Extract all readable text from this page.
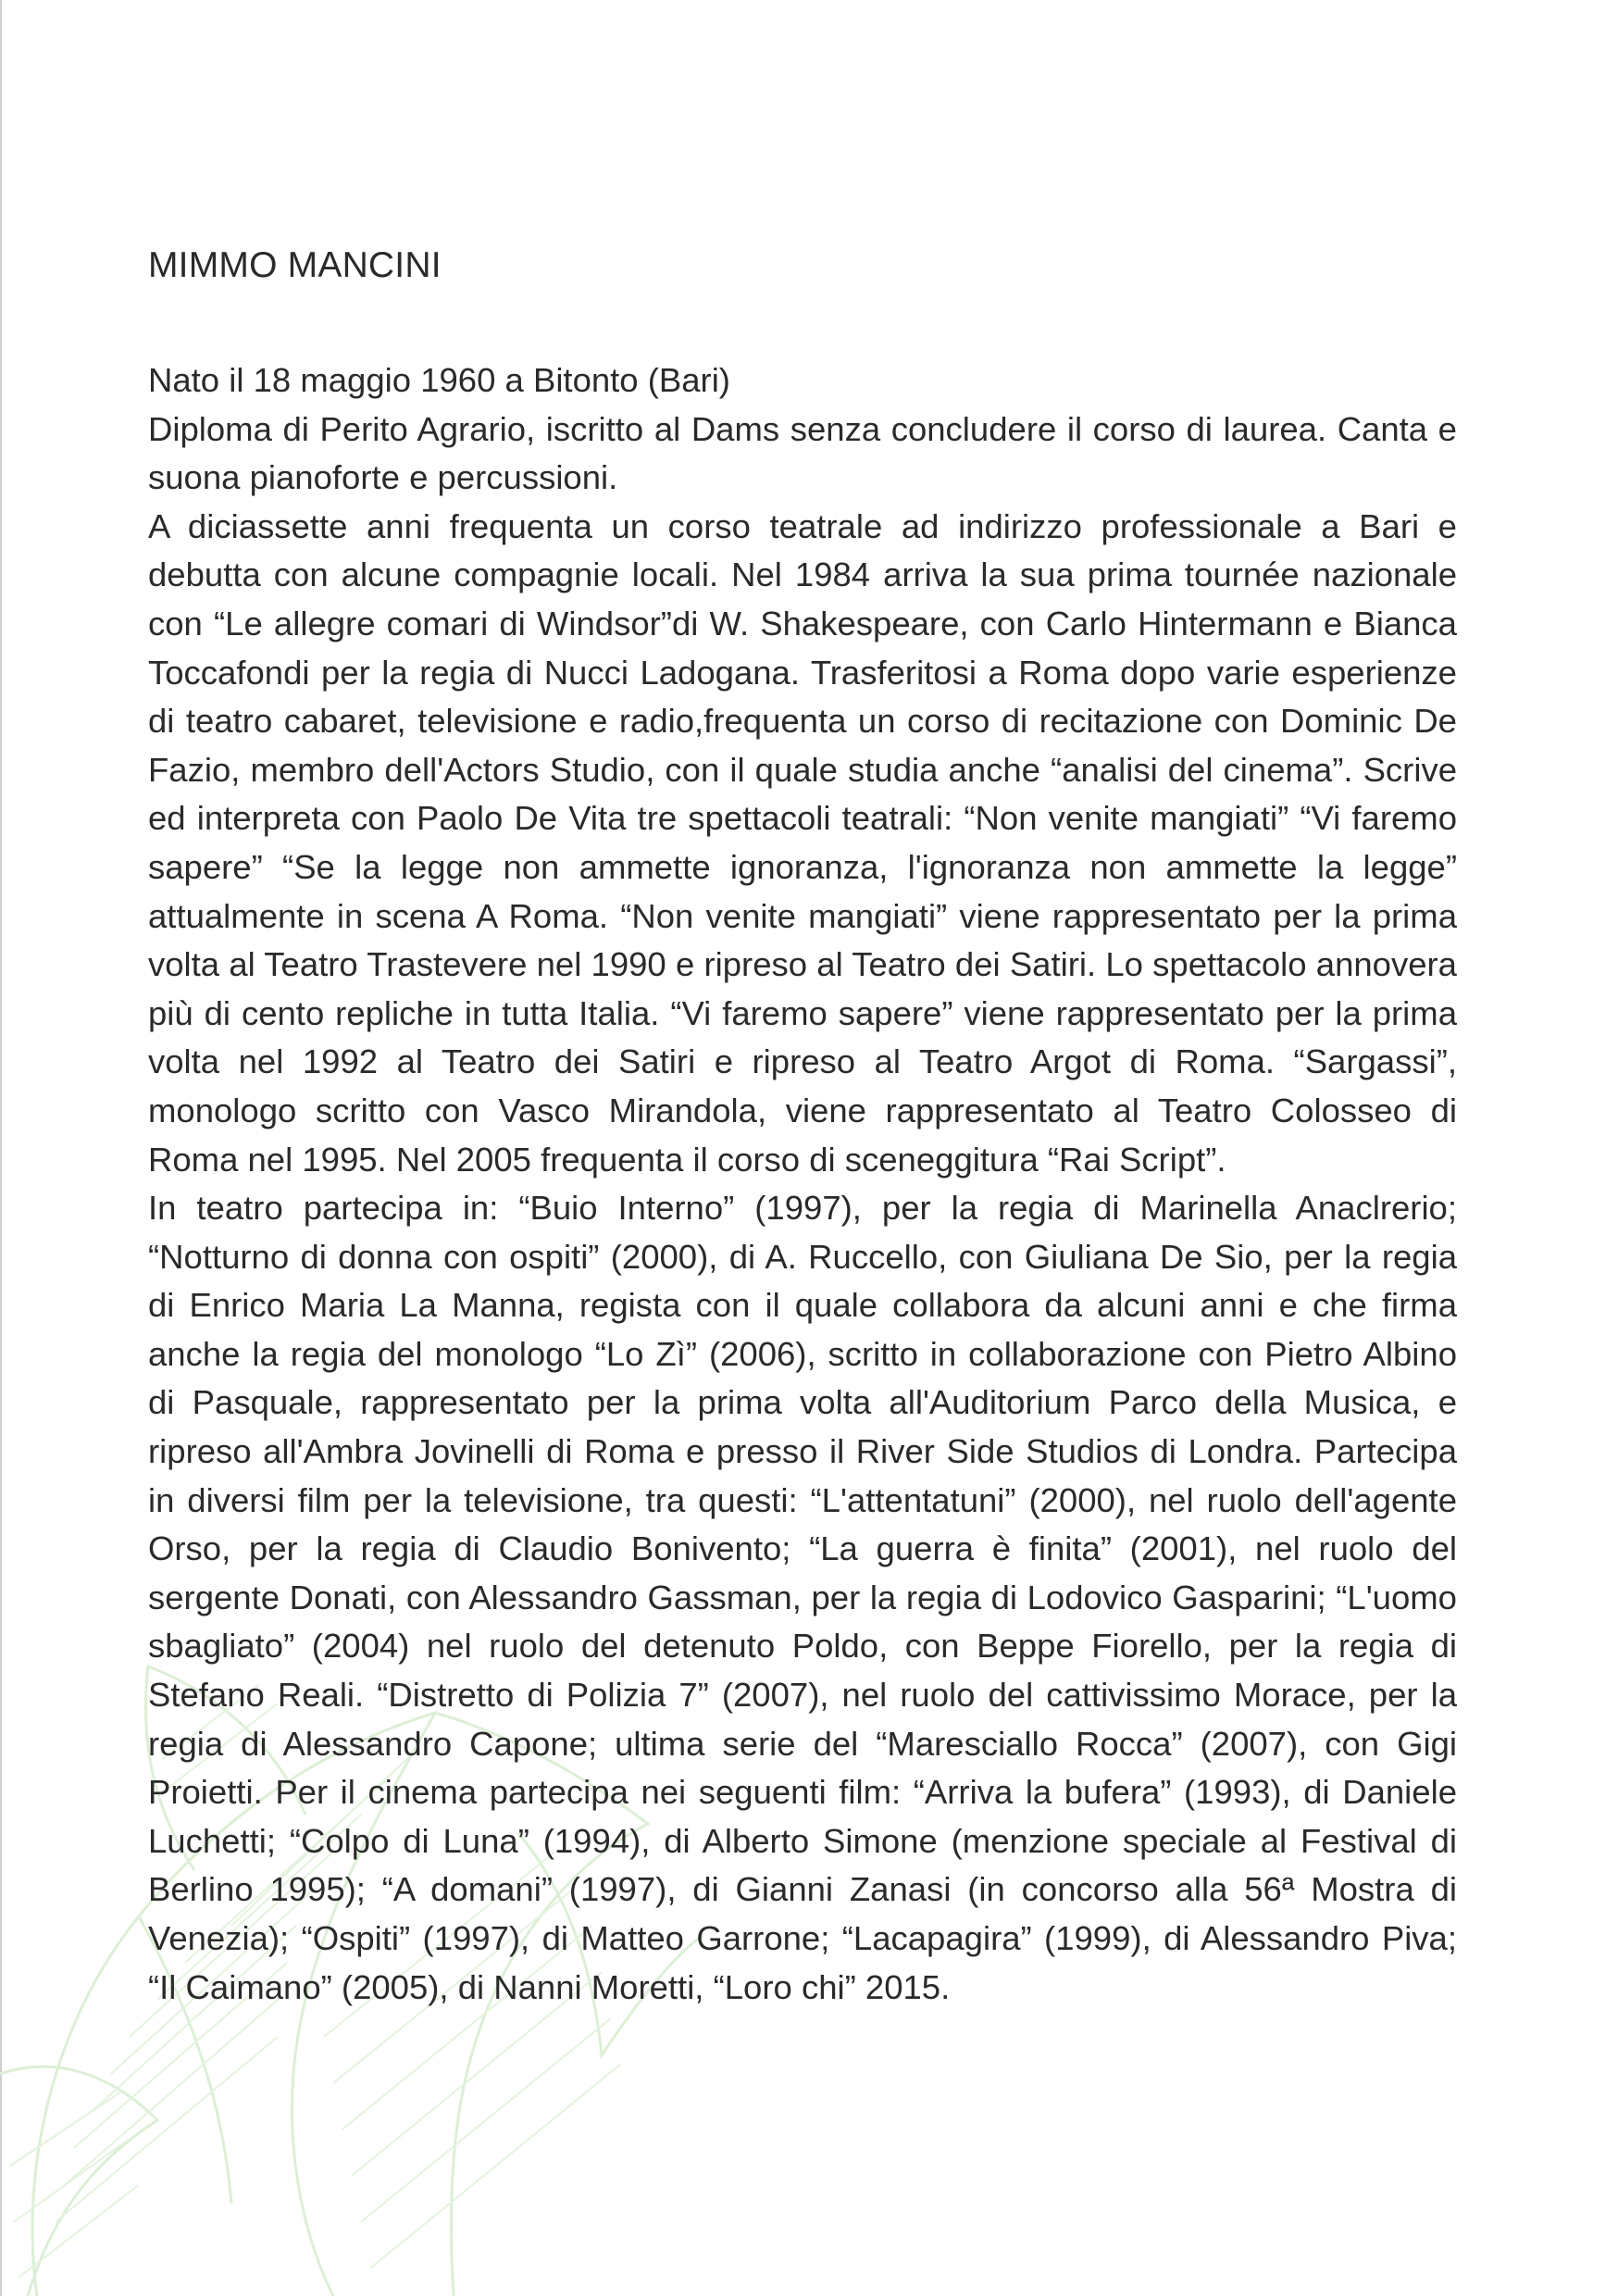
MIMMO MANCINI

Nato il 18 maggio 1960 a Bitonto (Bari)

Diploma di Perito Agrario, iscritto al Dams senza concludere il corso di laurea. Canta e suona pianoforte e percussioni.

A diciassette anni frequenta un corso teatrale ad indirizzo professionale a Bari e debutta con alcune compagnie locali. Nel 1984 arriva la sua prima tournée nazionale con “Le allegre comari di Windsor”di W. Shakespeare, con Carlo Hintermann e Bianca Toccafondi per la regia di Nucci Ladogana. Trasferitosi a Roma dopo varie esperienze di teatro cabaret, televisione e radio,frequenta un corso di recitazione con Dominic De Fazio, membro dell'Actors Studio, con il quale studia anche “analisi del cinema”. Scrive ed interpreta con Paolo De Vita tre spettacoli teatrali: “Non venite mangiati” “Vi faremo sapere” “Se la legge non ammette ignoranza, l'ignoranza non ammette la legge” attualmente in scena A Roma. “Non venite mangiati” viene rappresentato per la prima volta al Teatro Trastevere nel 1990 e ripreso al Teatro dei Satiri. Lo spettacolo annovera più di cento repliche in tutta Italia. “Vi faremo sapere” viene rappresentato per la prima volta nel 1992 al Teatro dei Satiri e ripreso al Teatro Argot di Roma. “Sargassi”, monologo scritto con Vasco Mirandola, viene rappresentato al Teatro Colosseo di Roma nel 1995. Nel 2005 frequenta il corso di sceneggitura “Rai Script”.

In teatro partecipa in: “Buio Interno” (1997), per la regia di Marinella Anaclrerio; “Notturno di donna con ospiti” (2000), di A. Ruccello, con Giuliana De Sio, per la regia di Enrico Maria La Manna, regista con il quale collabora da alcuni anni e che firma anche la regia del monologo “Lo Zì” (2006), scritto in collaborazione con Pietro Albino di Pasquale, rappresentato per la prima volta all'Auditorium Parco della Musica, e ripreso all'Ambra Jovinelli di Roma e presso il River Side Studios di Londra. Partecipa in diversi film per la televisione, tra questi: “L'attentatuni” (2000), nel ruolo dell'agente Orso, per la regia di Claudio Bonivento; “La guerra è finita” (2001), nel ruolo del sergente Donati, con Alessandro Gassman, per la regia di Lodovico Gasparini; “L'uomo sbagliato” (2004) nel ruolo del detenuto Poldo, con Beppe Fiorello, per la regia di Stefano Reali. “Distretto di Polizia 7” (2007), nel ruolo del cattivissimo Morace, per la regia di Alessandro Capone; ultima serie del “Maresciallo Rocca” (2007), con Gigi Proietti. Per il cinema partecipa nei seguenti film: “Arriva la bufera” (1993), di Daniele Luchetti; “Colpo di Luna” (1994), di Alberto Simone (menzione speciale al Festival di Berlino 1995); “A domani” (1997), di Gianni Zanasi (in concorso alla 56ª Mostra di Venezia); “Ospiti” (1997), di Matteo Garrone; “Lacapagira” (1999), di Alessandro Piva; “Il Caimano” (2005), di Nanni Moretti, “Loro chi” 2015.
